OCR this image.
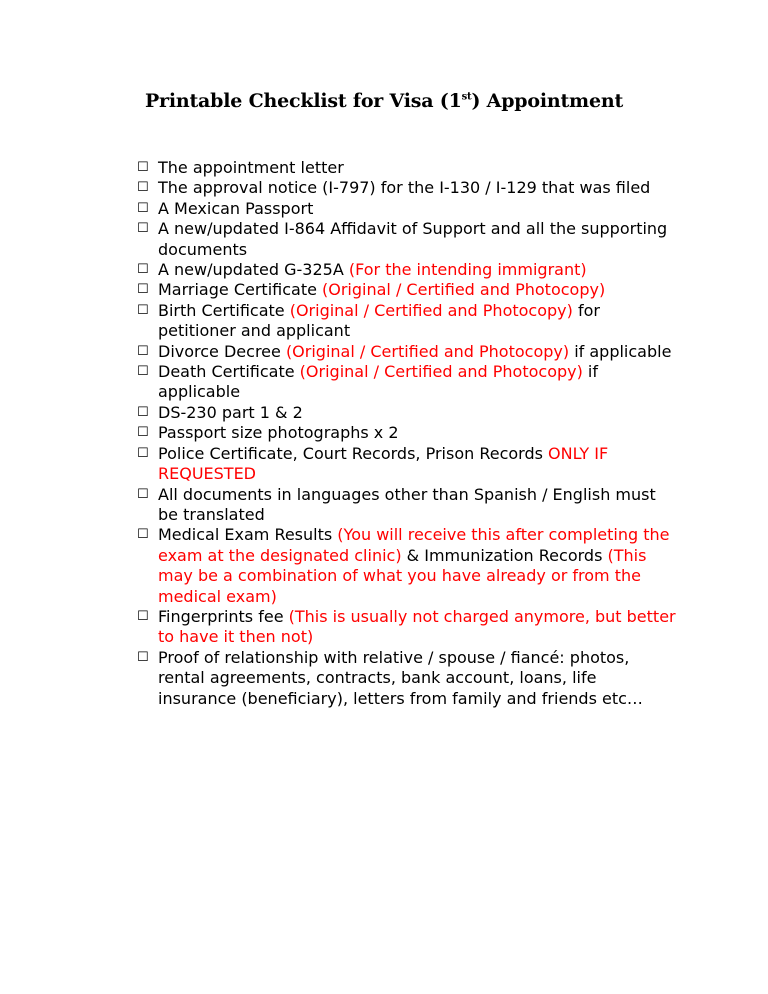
Printable Checklist for Visa (1st) Appointment
☐ The appointment letter
☐ The approval notice (I-797) for the I-130 / I-129 that was filed
☐ A Mexican Passport
☐ A new/updated I-864 Affidavit of Support and all the supporting documents
☐ A new/updated G-325A (For the intending immigrant)
☐ Marriage Certificate (Original / Certified and Photocopy)
☐ Birth Certificate (Original / Certified and Photocopy) for petitioner and applicant
☐ Divorce Decree (Original / Certified and Photocopy) if applicable
☐ Death Certificate (Original / Certified and Photocopy) if applicable
☐ DS-230 part 1 & 2
☐ Passport size photographs x 2
☐ Police Certificate, Court Records, Prison Records ONLY IF REQUESTED
☐ All documents in languages other than Spanish / English must be translated
☐ Medical Exam Results (You will receive this after completing the exam at the designated clinic) & Immunization Records (This may be a combination of what you have already or from the medical exam)
☐ Fingerprints fee (This is usually not charged anymore, but better to have it then not)
☐ Proof of relationship with relative / spouse / fiancé: photos, rental agreements, contracts, bank account, loans, life insurance (beneficiary), letters from family and friends etc…
